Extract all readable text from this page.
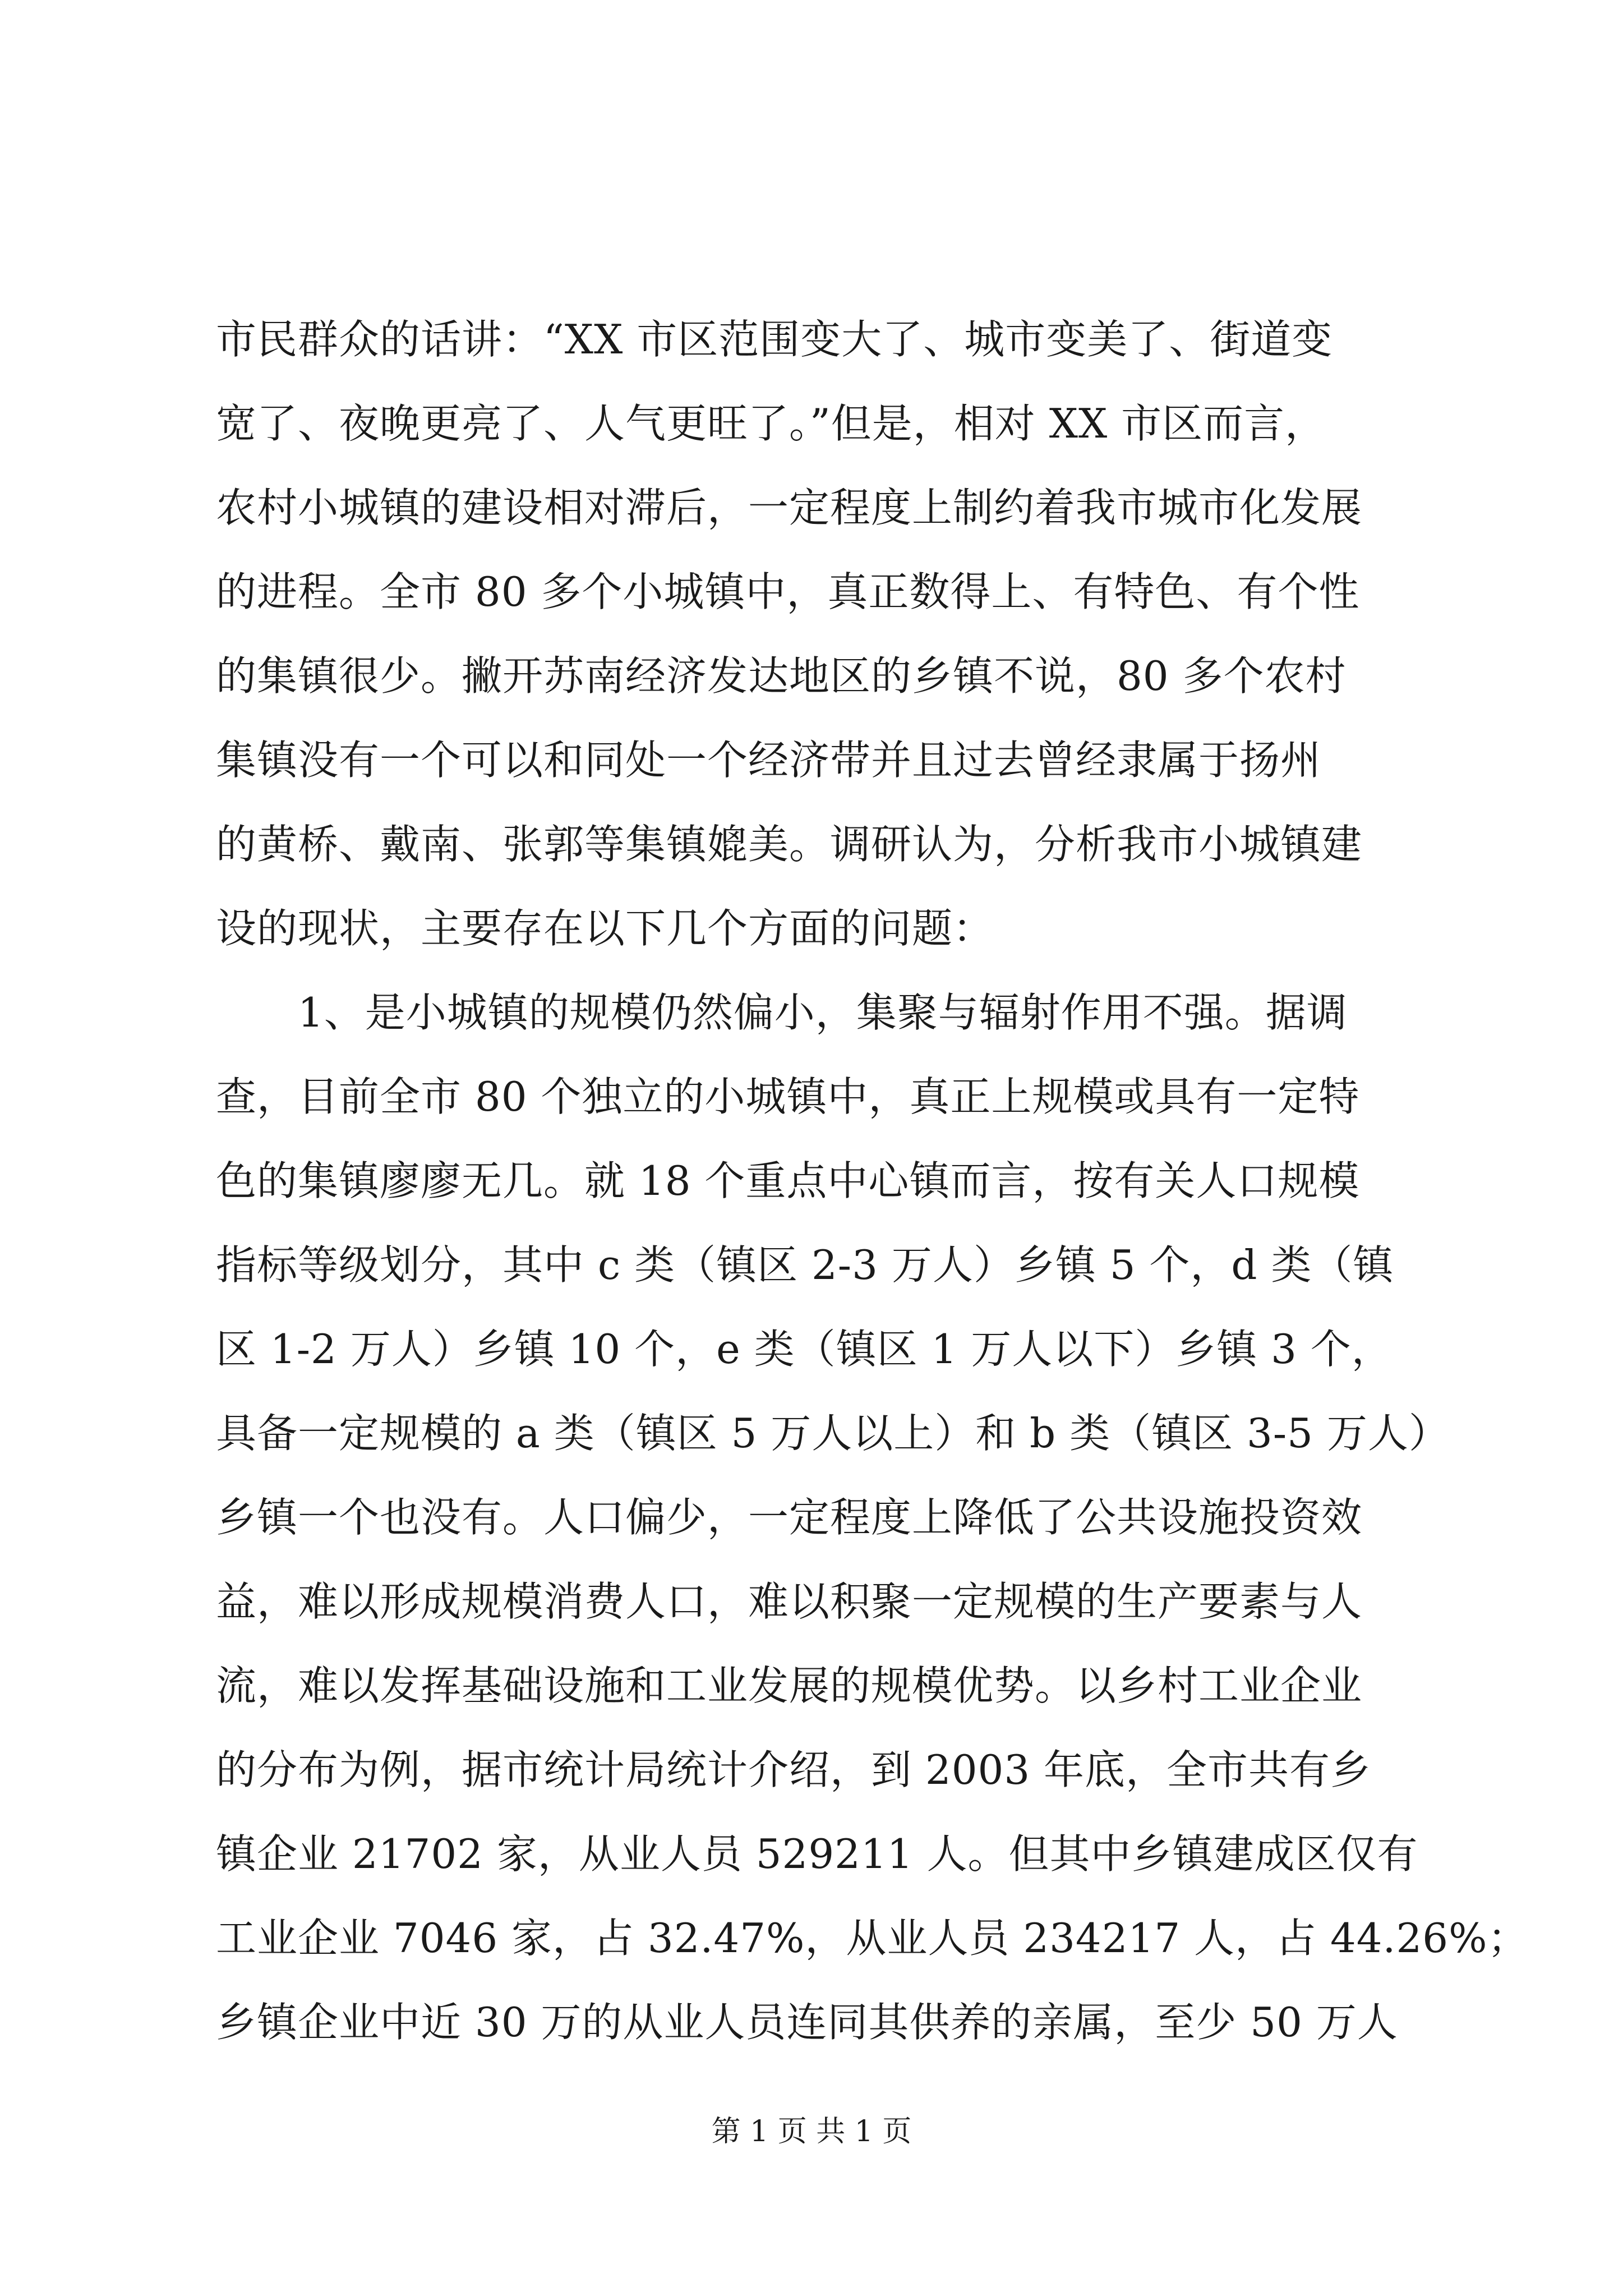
市民群众的话讲：“XX 市区范围变大了、城市变美了、街道变
宽了、夜晚更亮了、人气更旺了。”但是，相对 XX 市区而言，
农村小城镇的建设相对滞后，一定程度上制约着我市城市化发展
的进程。全市 80 多个小城镇中，真正数得上、有特色、有个性
的集镇很少。撇开苏南经济发达地区的乡镇不说，80 多个农村
集镇没有一个可以和同处一个经济带并且过去曾经隶属于扬州
的黄桥、戴南、张郭等集镇媲美。调研认为，分析我市小城镇建
设的现状，主要存在以下几个方面的问题：
　　1、是小城镇的规模仍然偏小，集聚与辐射作用不强。据调
查，目前全市 80 个独立的小城镇中，真正上规模或具有一定特
色的集镇廖廖无几。就 18 个重点中心镇而言，按有关人口规模
指标等级划分，其中 c 类（镇区 2-3 万人）乡镇 5 个，d 类（镇
区 1-2 万人）乡镇 10 个，e 类（镇区 1 万人以下）乡镇 3 个，
具备一定规模的 a 类（镇区 5 万人以上）和 b 类（镇区 3-5 万人）
乡镇一个也没有。人口偏少，一定程度上降低了公共设施投资效
益，难以形成规模消费人口，难以积聚一定规模的生产要素与人
流，难以发挥基础设施和工业发展的规模优势。以乡村工业企业
的分布为例，据市统计局统计介绍，到 2003 年底，全市共有乡
镇企业 21702 家，从业人员 529211 人。但其中乡镇建成区仅有
工业企业 7046 家，占 32.47%，从业人员 234217 人，占 44.26%；
乡镇企业中近 30 万的从业人员连同其供养的亲属，至少 50 万人
第 1 页 共 1 页
